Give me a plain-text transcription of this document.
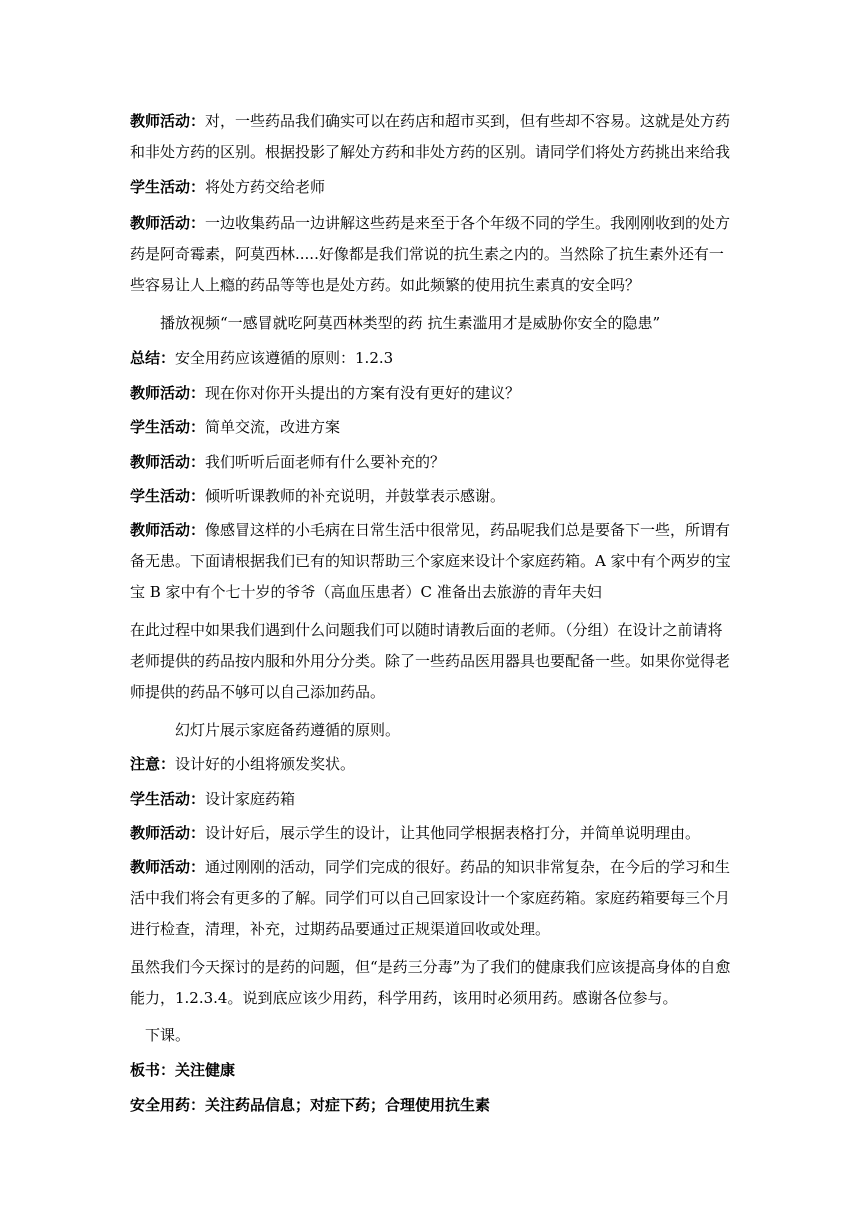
教师活动：对，一些药品我们确实可以在药店和超市买到，但有些却不容易。这就是处方药和非处方药的区别。根据投影了解处方药和非处方药的区别。请同学们将处方药挑出来给我

学生活动：将处方药交给老师

教师活动：一边收集药品一边讲解这些药是来至于各个年级不同的学生。我刚刚收到的处方药是阿奇霉素，阿莫西林.....好像都是我们常说的抗生素之内的。当然除了抗生素外还有一些容易让人上瘾的药品等等也是处方药。如此频繁的使用抗生素真的安全吗？

播放视频“一感冒就吃阿莫西林类型的药 抗生素滥用才是威胁你安全的隐患”

总结：安全用药应该遵循的原则：1.2.3

教师活动：现在你对你开头提出的方案有没有更好的建议？

学生活动：简单交流，改进方案

教师活动：我们听听后面老师有什么要补充的？

学生活动：倾听听课教师的补充说明，并鼓掌表示感谢。

教师活动：像感冒这样的小毛病在日常生活中很常见，药品呢我们总是要备下一些，所谓有备无患。下面请根据我们已有的知识帮助三个家庭来设计个家庭药箱。A 家中有个两岁的宝宝 B 家中有个七十岁的爷爷（高血压患者）C 准备出去旅游的青年夫妇

在此过程中如果我们遇到什么问题我们可以随时请教后面的老师。（分组）在设计之前请将老师提供的药品按内服和外用分分类。除了一些药品医用器具也要配备一些。如果你觉得老师提供的药品不够可以自己添加药品。

幻灯片展示家庭备药遵循的原则。

注意：设计好的小组将颁发奖状。

学生活动：设计家庭药箱

教师活动：设计好后，展示学生的设计，让其他同学根据表格打分，并简单说明理由。

教师活动：通过刚刚的活动，同学们完成的很好。药品的知识非常复杂，在今后的学习和生活中我们将会有更多的了解。同学们可以自己回家设计一个家庭药箱。家庭药箱要每三个月进行检查，清理，补充，过期药品要通过正规渠道回收或处理。

虽然我们今天探讨的是药的问题，但“是药三分毒”为了我们的健康我们应该提高身体的自愈能力，1.2.3.4。说到底应该少用药，科学用药，该用时必须用药。感谢各位参与。

下课。

板书：关注健康

安全用药：关注药品信息；对症下药；合理使用抗生素
